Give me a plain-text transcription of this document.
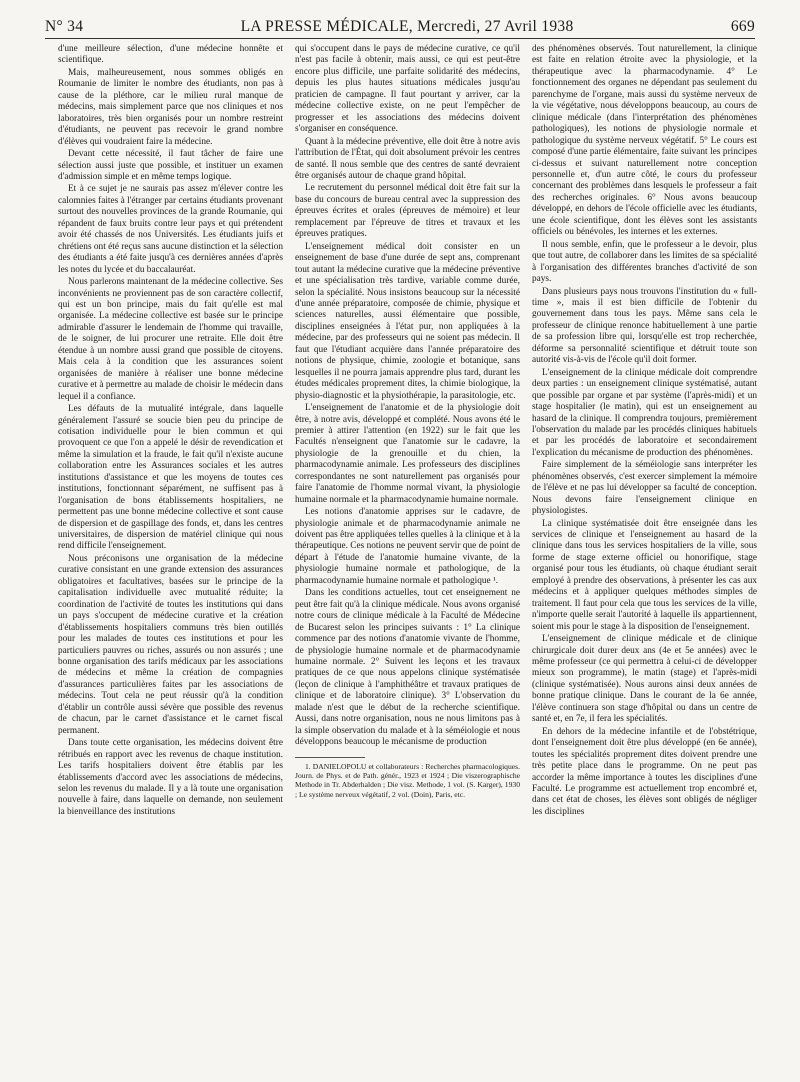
N° 34	LA PRESSE MÉDICALE, Mercredi, 27 Avril 1938	669

d'une meilleure sélection, d'une médecine honnête et scientifique.

Mais, malheureusement, nous sommes obligés en Roumanie de limiter le nombre des étudiants, non pas à cause de la pléthore, car le milieu rural manque de médecins, mais simplement parce que nos cliniques et nos laboratoires, très bien organisés pour un nombre restreint d'étudiants, ne peuvent pas recevoir le grand nombre d'élèves qui voudraient faire la médecine.

Devant cette nécessité, il faut tâcher de faire une sélection aussi juste que possible, et instituer un examen d'admission simple et en même temps logique.

Et à ce sujet je ne saurais pas assez m'élever contre les calomnies faites à l'étranger par certains étudiants provenant surtout des nouvelles provinces de la grande Roumanie, qui répandent de faux bruits contre leur pays et qui prétendent avoir été chassés de nos Universités. Les étudiants juifs et chrétiens ont été reçus sans aucune distinction et la sélection des étudiants a été faite jusqu'à ces dernières années d'après les notes du lycée et du baccalauréat.

Nous parlerons maintenant de la médecine collective. Ses inconvénients ne proviennent pas de son caractère collectif, qui est un bon principe, mais du fait qu'elle est mal organisée. La médecine collective est basée sur le principe admirable d'assurer le lendemain de l'homme qui travaille, de le soigner, de lui procurer une retraite. Elle doit être étendue à un nombre aussi grand que possible de citoyens. Mais cela à la condition que les assurances soient organisées de manière à réaliser une bonne médecine curative et à permettre au malade de choisir le médecin dans lequel il a confiance.

Les défauts de la mutualité intégrale, dans laquelle généralement l'assuré se soucie bien peu du principe de cotisation individuelle pour le bien commun et qui provoquent ce que l'on a appelé le désir de revendication et même la simulation et la fraude, le fait qu'il n'existe aucune collaboration entre les Assurances sociales et les autres institutions d'assistance et que les moyens de toutes ces institutions, fonctionnant séparément, ne suffisent pas à l'organisation de bons établissements hospitaliers, ne permettent pas une bonne médecine collective et sont cause de dispersion et de gaspillage des fonds, et, dans les centres universitaires, de dispersion de matériel clinique qui nous rend difficile l'enseignement.

Nous préconisons une organisation de la médecine curative consistant en une grande extension des assurances obligatoires et facultatives, basées sur le principe de la capitalisation individuelle avec mutualité réduite; la coordination de l'activité de toutes les institutions qui dans un pays s'occupent de médecine curative et la création d'établissements hospitaliers communs très bien outillés pour les malades de toutes ces institutions et pour les particuliers pauvres ou riches, assurés ou non assurés ; une bonne organisation des tarifs médicaux par les associations de médecins et même la création de compagnies d'assurances particulières faites par les associations de médecins. Tout cela ne peut réussir qu'à la condition d'établir un contrôle aussi sévère que possible des revenus de chacun, par le carnet d'assistance et le carnet fiscal permanent.

Dans toute cette organisation, les médecins doivent être rétribués en rapport avec les revenus de chaque institution. Les tarifs hospitaliers doivent être établis par les établissements d'accord avec les associations de médecins, selon les revenus du malade. Il y a là toute une organisation nouvelle à faire, dans laquelle on demande, non seulement la bienveillance des institutions

qui s'occupent dans le pays de médecine curative, ce qu'il n'est pas facile à obtenir, mais aussi, ce qui est peut-être encore plus difficile, une parfaite solidarité des médecins, depuis les plus hautes situations médicales jusqu'au praticien de campagne. Il faut pourtant y arriver, car la médecine collective existe, on ne peut l'empêcher de progresser et les associations des médecins doivent s'organiser en conséquence.

Quant à la médecine préventive, elle doit être à notre avis l'attribution de l'État, qui doit absolument prévoir les centres de santé. Il nous semble que des centres de santé devraient être organisés autour de chaque grand hôpital.

Le recrutement du personnel médical doit être fait sur la base du concours de bureau central avec la suppression des épreuves écrites et orales (épreuves de mémoire) et leur remplacement par l'épreuve de titres et travaux et les épreuves pratiques.

L'enseignement médical doit consister en un enseignement de base d'une durée de sept ans, comprenant tout autant la médecine curative que la médecine préventive et une spécialisation très tardive, variable comme durée, selon la spécialité. Nous insistons beaucoup sur la nécessité d'une année préparatoire, composée de chimie, physique et sciences naturelles, aussi élémentaire que possible, disciplines enseignées à l'état pur, non appliquées à la médecine, par des professeurs qui ne soient pas médecin. Il faut que l'étudiant acquière dans l'année préparatoire des notions de physique, chimie, zoologie et botanique, sans lesquelles il ne pourra jamais apprendre plus tard, durant les études médicales proprement dites, la chimie biologique, la physio-diagnostic et la physiothérapie, la parasitologie, etc.

L'enseignement de l'anatomie et de la physiologie doit être, à notre avis, développé et complété. Nous avons été le premier à attirer l'attention (en 1922) sur le fait que les Facultés n'enseignent que l'anatomie sur le cadavre, la physiologie de la grenouille et du chien, la pharmacodynamie animale. Les professeurs des disciplines correspondantes ne sont naturellement pas organisés pour faire l'anatomie de l'homme normal vivant, la physiologie humaine normale et la pharmacodynamie humaine normale.

Les notions d'anatomie apprises sur le cadavre, de physiologie animale et de pharmacodynamie animale ne doivent pas être appliquées telles quelles à la clinique et à la thérapeutique. Ces notions ne peuvent servir que de point de départ à l'étude de l'anatomie humaine vivante, de la physiologie humaine normale et pathologique, de la pharmacodynamie humaine normale et pathologique ¹.

Dans les conditions actuelles, tout cet enseignement ne peut être fait qu'à la clinique médicale. Nous avons organisé notre cours de clinique médicale à la Faculté de Médecine de Bucarest selon les principes suivants : 1° La clinique commence par des notions d'anatomie vivante de l'homme, de physiologie humaine normale et de pharmacodynamie humaine normale. 2° Suivent les leçons et les travaux pratiques de ce que nous appelons clinique systématisée (leçon de clinique à l'amphithéâtre et travaux pratiques de clinique et de laboratoire clinique). 3° L'observation du malade n'est que le début de la recherche scientifique. Aussi, dans notre organisation, nous ne nous limitons pas à la simple observation du malade et à la séméiologie et nous développons beaucoup le mécanisme de production

1. DANIELOPOLU et collaborateurs : Recherches pharmacologiques. Journ. de Phys. et de Path. génér., 1923 et 1924 ; Die viszerographische Methode in Tr. Abderhalden ; Die visz. Methode, 1 vol. (S. Karger), 1930 ; Le système nerveux végétatif, 2 vol. (Doin), Paris, etc.

des phénomènes observés. Tout naturellement, la clinique est faite en relation étroite avec la physiologie, et la thérapeutique avec la pharmacodynamie. 4° Le fonctionnement des organes ne dépendant pas seulement du parenchyme de l'organe, mais aussi du système nerveux de la vie végétative, nous développons beaucoup, au cours de clinique médicale (dans l'interprétation des phénomènes pathologiques), les notions de physiologie normale et pathologique du système nerveux végétatif. 5° Le cours est composé d'une partie élémentaire, faite suivant les principes ci-dessus et suivant naturellement notre conception personnelle et, d'un autre côté, le cours du professeur concernant des problèmes dans lesquels le professeur a fait des recherches originales. 6° Nous avons beaucoup développé, en dehors de l'école officielle avec les étudiants, une école scientifique, dont les élèves sont les assistants officiels ou bénévoles, les internes et les externes.

Il nous semble, enfin, que le professeur a le devoir, plus que tout autre, de collaborer dans les limites de sa spécialité à l'organisation des différentes branches d'activité de son pays.

Dans plusieurs pays nous trouvons l'institution du « full-time », mais il est bien difficile de l'obtenir du gouvernement dans tous les pays. Même sans cela le professeur de clinique renonce habituellement à une partie de sa profession libre qui, lorsqu'elle est trop recherchée, déforme sa personnalité scientifique et détruit toute son autorité vis-à-vis de l'école qu'il doit former.

L'enseignement de la clinique médicale doit comprendre deux parties : un enseignement clinique systématisé, autant que possible par organe et par système (l'après-midi) et un stage hospitalier (le matin), qui est un enseignement au hasard de la clinique. Il comprendra toujours, premièrement l'observation du malade par les procédés cliniques habituels et par les procédés de laboratoire et secondairement l'explication du mécanisme de production des phénomènes.

Faire simplement de la séméiologie sans interpréter les phénomènes observés, c'est exercer simplement la mémoire de l'élève et ne pas lui développer sa faculté de conception. Nous devons faire l'enseignement clinique en physiologistes.

La clinique systématisée doit être enseignée dans les services de clinique et l'enseignement au hasard de la clinique dans tous les services hospitaliers de la ville, sous forme de stage externe officiel ou honorifique, stage organisé pour tous les étudiants, où chaque étudiant serait employé à prendre des observations, à présenter les cas aux médecins et à appliquer quelques méthodes simples de traitement. Il faut pour cela que tous les services de la ville, n'importe quelle serait l'autorité à laquelle ils appartiennent, soient mis pour le stage à la disposition de l'enseignement.

L'enseignement de clinique médicale et de clinique chirurgicale doit durer deux ans (4e et 5e années) avec le même professeur (ce qui permettra à celui-ci de développer mieux son programme), le matin (stage) et l'après-midi (clinique systématisée). Nous aurons ainsi deux années de bonne pratique clinique. Dans le courant de la 6e année, l'élève continuera son stage d'hôpital ou dans un centre de santé et, en 7e, il fera les spécialités.

En dehors de la médecine infantile et de l'obstétrique, dont l'enseignement doit être plus développé (en 6e année), toutes les spécialités proprement dites doivent prendre une très petite place dans le programme. On ne peut pas accorder la même importance à toutes les disciplines d'une Faculté. Le programme est actuellement trop encombré et, dans cet état de choses, les élèves sont obligés de négliger les disciplines
